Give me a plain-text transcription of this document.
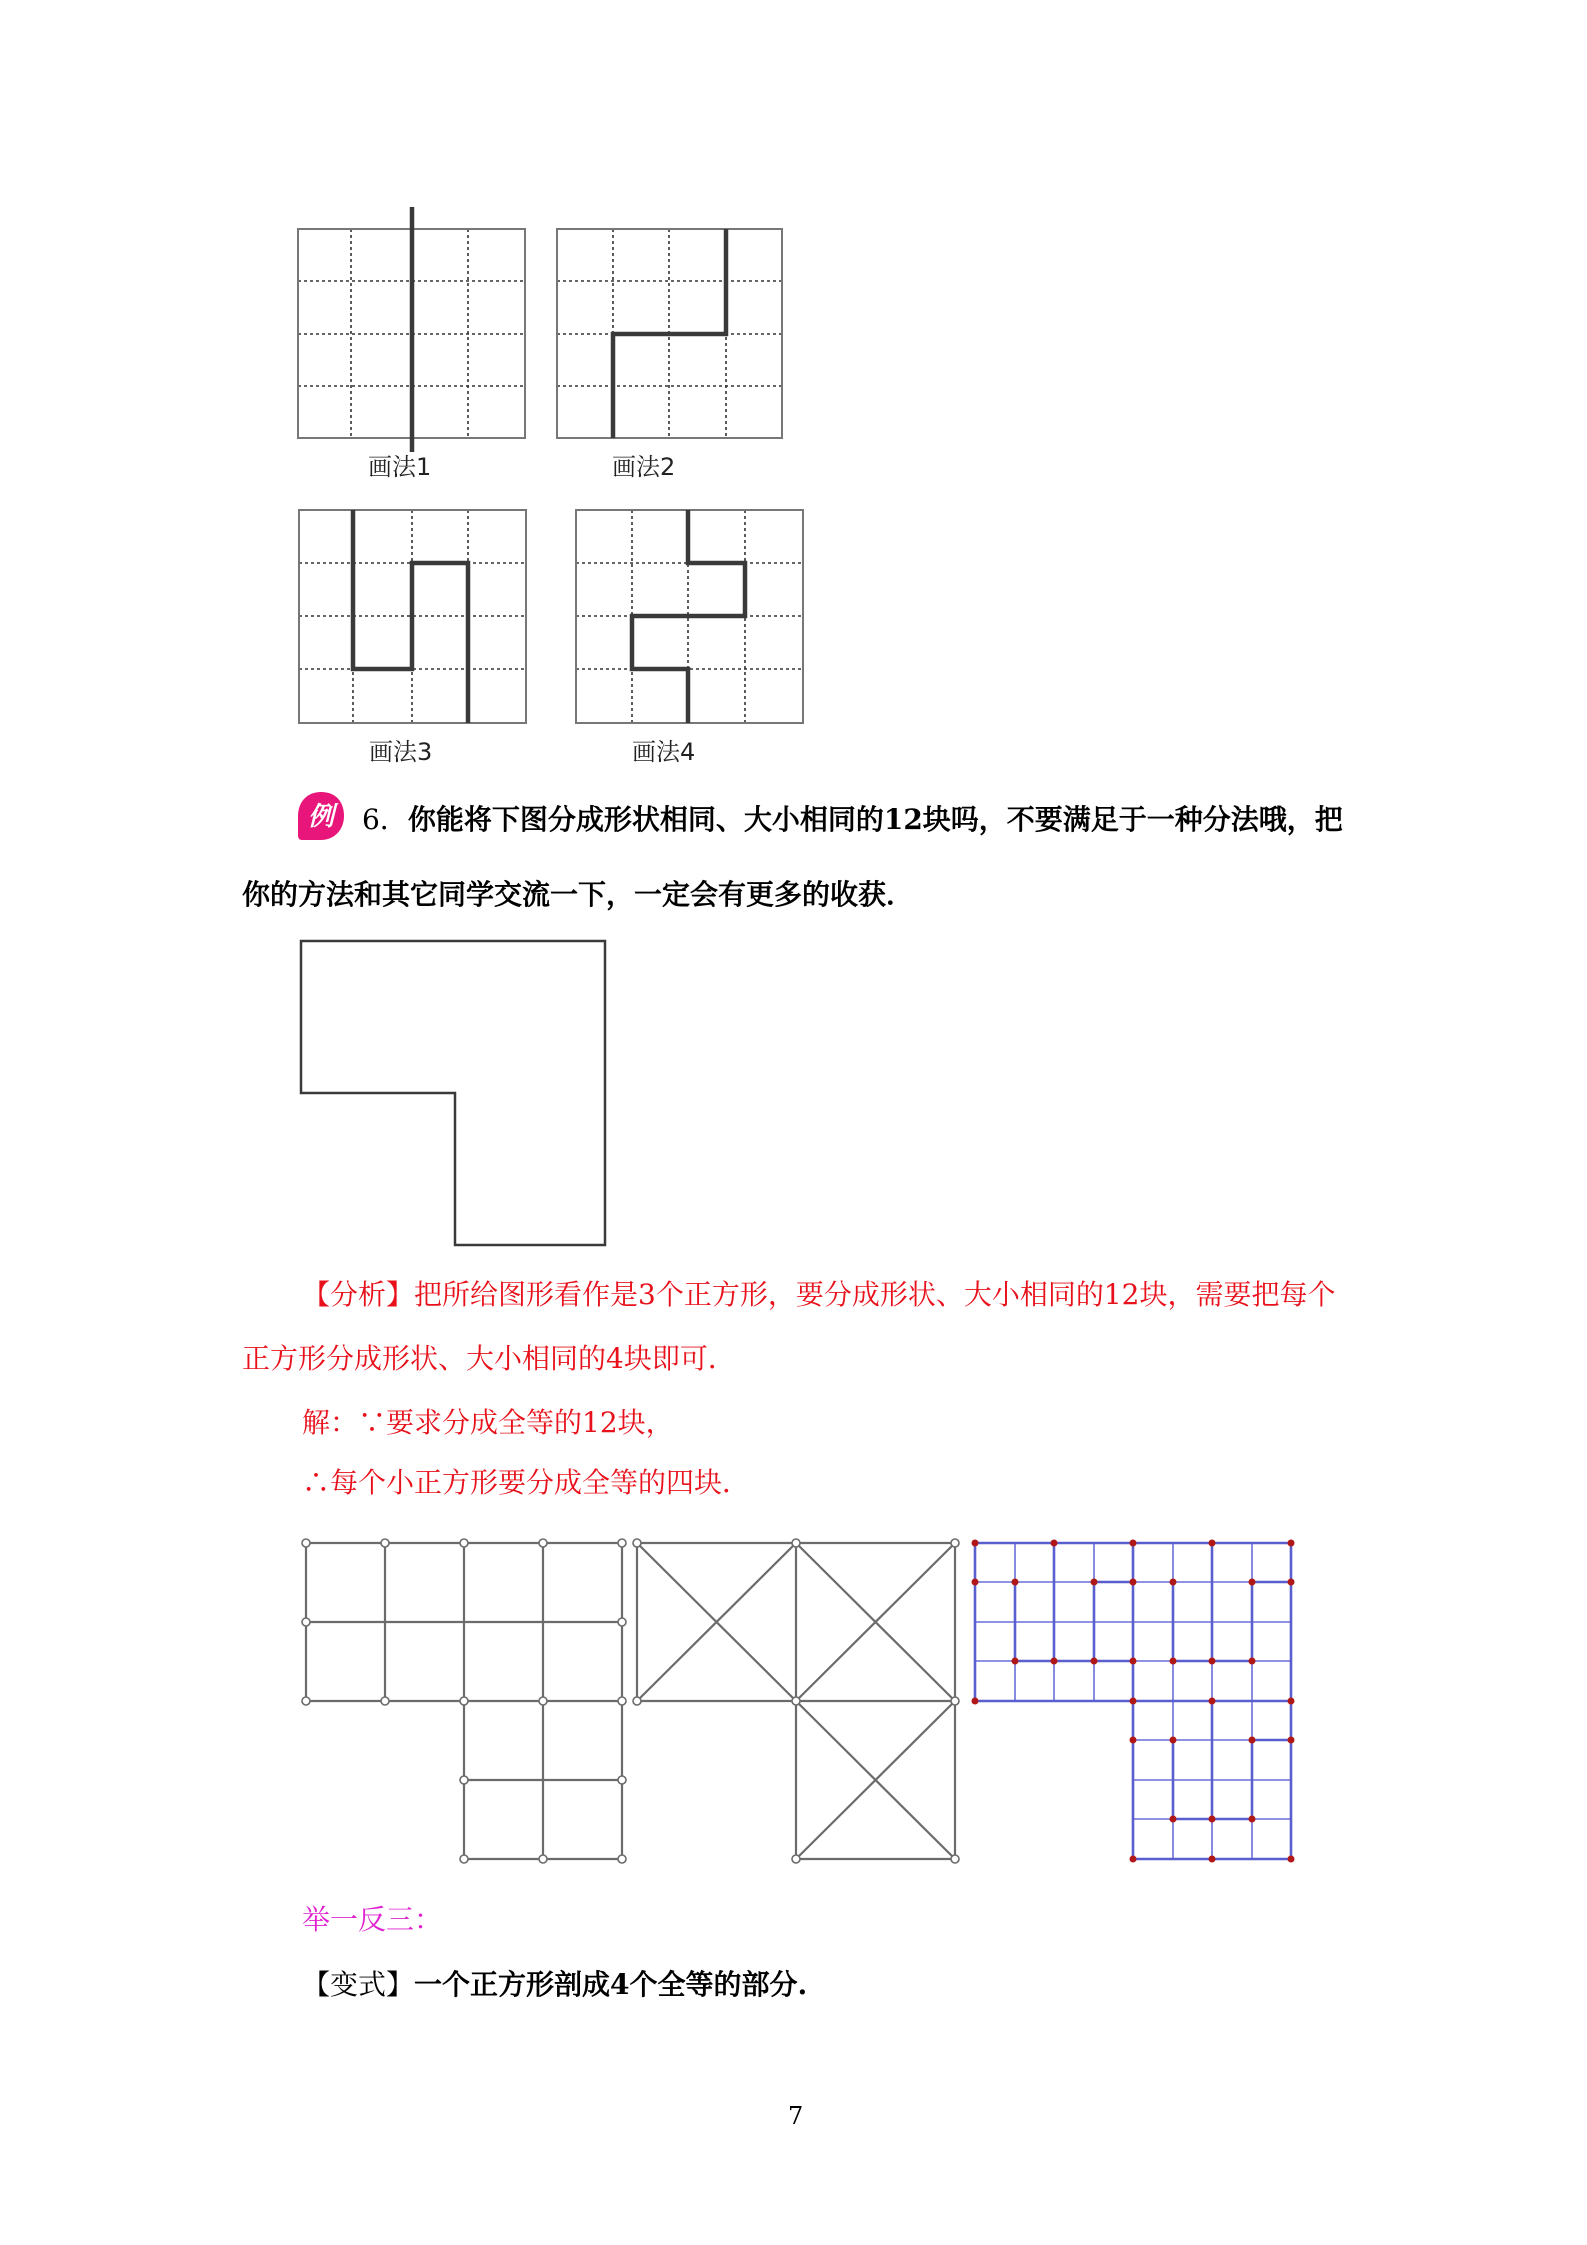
画法1	画法2
画法3	画法4
例 6．你能将下图分成形状相同、大小相同的12块吗，不要满足于一种分法哦，把
你的方法和其它同学交流一下，一定会有更多的收获．
【分析】把所给图形看作是3个正方形，要分成形状、大小相同的12块，需要把每个
正方形分成形状、大小相同的4块即可．
解：∵要求分成全等的12块，
∴每个小正方形要分成全等的四块．
举一反三：
【变式】一个正方形剖成4个全等的部分.
7
